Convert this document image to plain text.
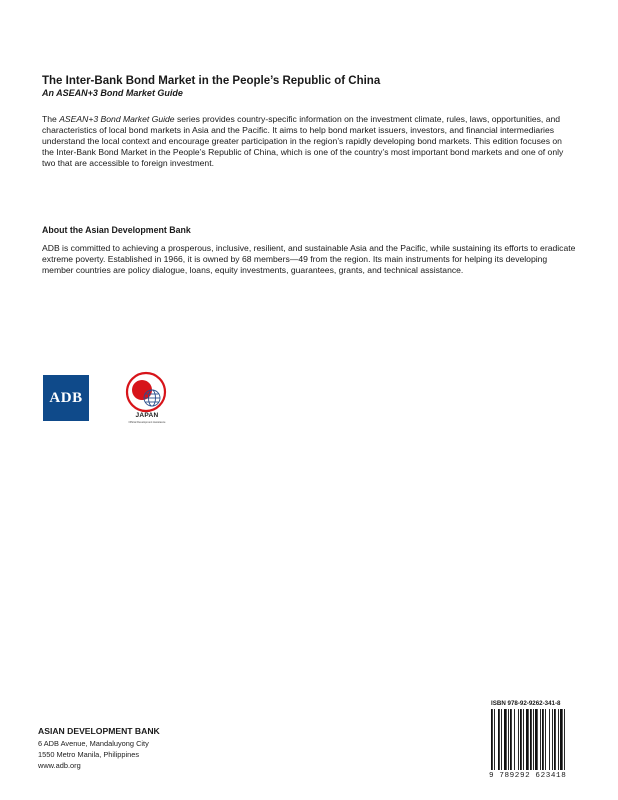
The Inter-Bank Bond Market in the People’s Republic of China
An ASEAN+3 Bond Market Guide
The ASEAN+3 Bond Market Guide series provides country-specific information on the investment climate, rules, laws, opportunities, and characteristics of local bond markets in Asia and the Pacific. It aims to help bond market issuers, investors, and financial intermediaries understand the local context and encourage greater participation in the region’s rapidly developing bond markets. This edition focuses on the Inter-Bank Bond Market in the People’s Republic of China, which is one of the country’s most important bond markets and one of only two that are accessible to foreign investment.
About the Asian Development Bank
ADB is committed to achieving a prosperous, inclusive, resilient, and sustainable Asia and the Pacific, while sustaining its efforts to eradicate extreme poverty. Established in 1966, it is owned by 68 members—49 from the region. Its main instruments for helping its developing member countries are policy dialogue, loans, equity investments, guarantees, grants, and technical assistance.
ADB
JAPAN
Official Development Assistance
ASIAN DEVELOPMENT BANK
6 ADB Avenue, Mandaluyong City
1550 Metro Manila, Philippines
www.adb.org
ISBN 978-92-9262-341-8
9 789292 623418
